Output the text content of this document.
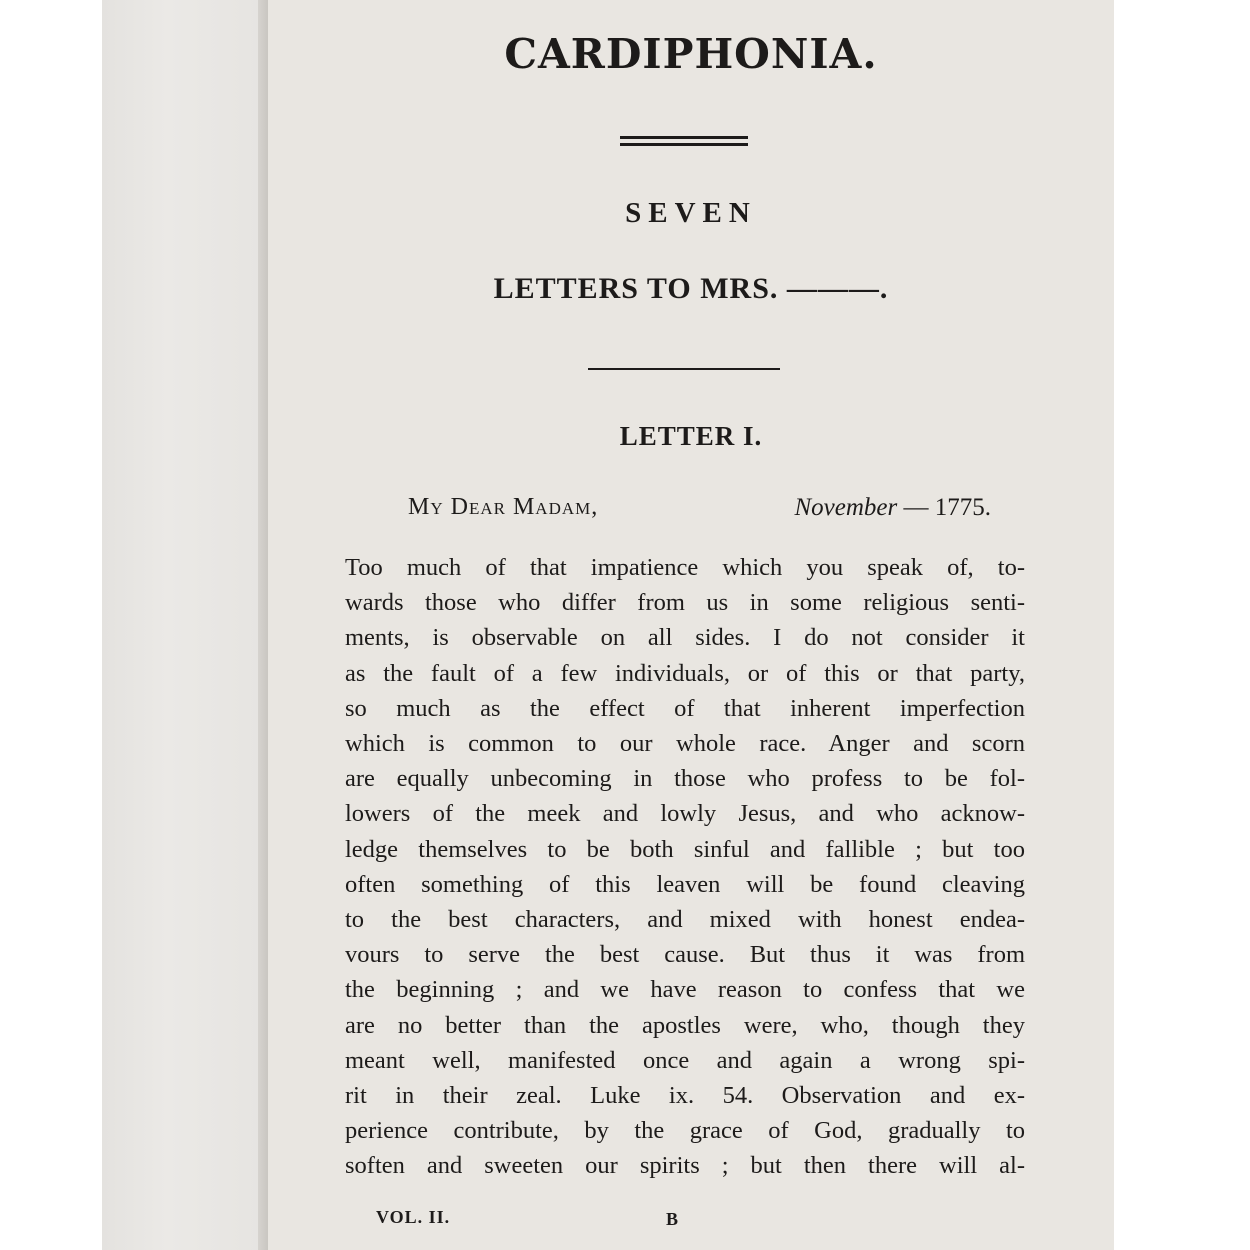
CARDIPHONIA.
SEVEN
LETTERS TO MRS. ———.
LETTER I.
My Dear Madam,	November — 1775.
Too much of that impatience which you speak of, to-
wards those who differ from us in some religious senti-
ments, is observable on all sides. I do not consider it
as the fault of a few individuals, or of this or that party,
so much as the effect of that inherent imperfection
which is common to our whole race. Anger and scorn
are equally unbecoming in those who profess to be fol-
lowers of the meek and lowly Jesus, and who acknow-
ledge themselves to be both sinful and fallible ; but too
often something of this leaven will be found cleaving
to the best characters, and mixed with honest endea-
vours to serve the best cause. But thus it was from
the beginning ; and we have reason to confess that we
are no better than the apostles were, who, though they
meant well, manifested once and again a wrong spi-
rit in their zeal. Luke ix. 54. Observation and ex-
perience contribute, by the grace of God, gradually to
soften and sweeten our spirits ; but then there will al-
VOL. II.	B
